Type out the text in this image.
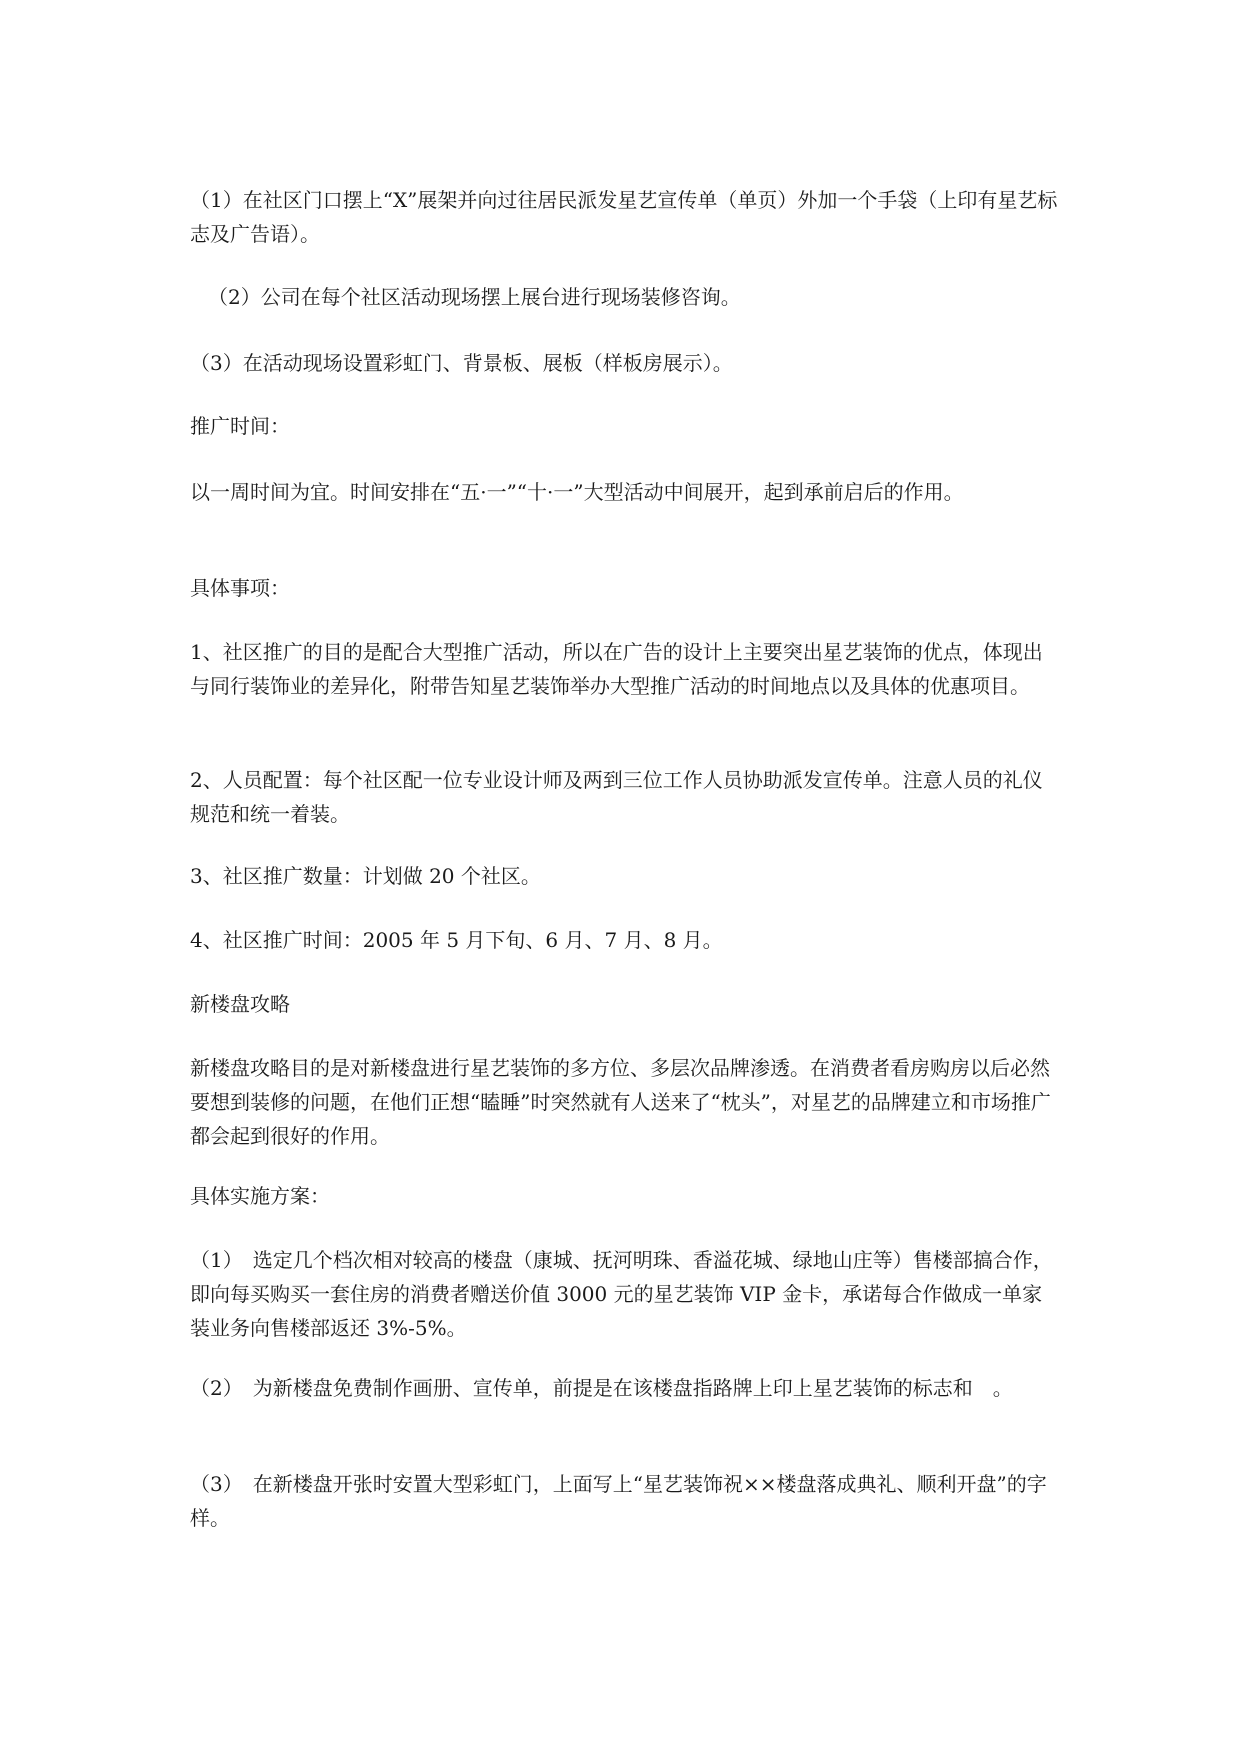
（1）在社区门口摆上“X”展架并向过往居民派发星艺宣传单（单页）外加一个手袋（上印有星艺标志及广告语）。

（2）公司在每个社区活动现场摆上展台进行现场装修咨询。

（3）在活动现场设置彩虹门、背景板、展板（样板房展示）。

推广时间：

以一周时间为宜。时间安排在“五·一”“十·一”大型活动中间展开，起到承前启后的作用。

具体事项：

1、社区推广的目的是配合大型推广活动，所以在广告的设计上主要突出星艺装饰的优点，体现出与同行装饰业的差异化，附带告知星艺装饰举办大型推广活动的时间地点以及具体的优惠项目。

2、人员配置：每个社区配一位专业设计师及两到三位工作人员协助派发宣传单。注意人员的礼仪规范和统一着装。

3、社区推广数量：计划做 20 个社区。

4、社区推广时间：2005 年 5 月下旬、6 月、7 月、8 月。

新楼盘攻略

新楼盘攻略目的是对新楼盘进行星艺装饰的多方位、多层次品牌渗透。在消费者看房购房以后必然要想到装修的问题，在他们正想“瞌睡”时突然就有人送来了“枕头”，对星艺的品牌建立和市场推广都会起到很好的作用。

具体实施方案：

（1）　选定几个档次相对较高的楼盘（康城、抚河明珠、香溢花城、绿地山庄等）售楼部搞合作，即向每买购买一套住房的消费者赠送价值 3000 元的星艺装饰 VIP 金卡，承诺每合作做成一单家装业务向售楼部返还 3%-5%。

（2）　为新楼盘免费制作画册、宣传单，前提是在该楼盘指路牌上印上星艺装饰的标志和　。

（3）　在新楼盘开张时安置大型彩虹门，上面写上“星艺装饰祝××楼盘落成典礼、顺利开盘”的字样。
